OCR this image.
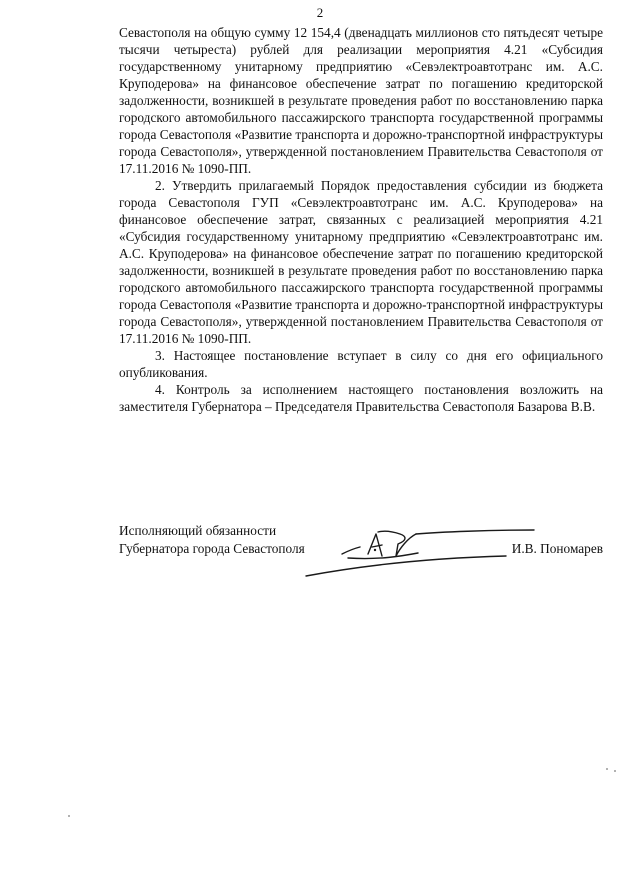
2

Севастополя на общую сумму 12 154,4 (двенадцать миллионов сто пятьдесят четыре тысячи четыреста) рублей для реализации мероприятия 4.21 «Субсидия государственному унитарному предприятию «Севэлектроавтотранс им. А.С. Круподерова» на финансовое обеспечение затрат по погашению кредиторской задолженности, возникшей в результате проведения работ по восстановлению парка городского автомобильного пассажирского транспорта государственной программы города Севастополя «Развитие транспорта и дорожно-транспортной инфраструктуры города Севастополя», утвержденной постановлением Правительства Севастополя от 17.11.2016 № 1090-ПП.

2. Утвердить прилагаемый Порядок предоставления субсидии из бюджета города Севастополя ГУП «Севэлектроавтотранс им. А.С. Круподерова» на финансовое обеспечение затрат, связанных с реализацией мероприятия 4.21 «Субсидия государственному унитарному предприятию «Севэлектроавтотранс им. А.С. Круподерова» на финансовое обеспечение затрат по погашению кредиторской задолженности, возникшей в результате проведения работ по восстановлению парка городского автомобильного пассажирского транспорта государственной программы города Севастополя «Развитие транспорта и дорожно-транспортной инфраструктуры города Севастополя», утвержденной постановлением Правительства Севастополя от 17.11.2016 № 1090-ПП.

3. Настоящее постановление вступает в силу со дня его официального опубликования.

4. Контроль за исполнением настоящего постановления возложить на заместителя Губернатора – Председателя Правительства Севастополя Базарова В.В.

Исполняющий обязанности
Губернатора города Севастополя	И.В. Пономарев
